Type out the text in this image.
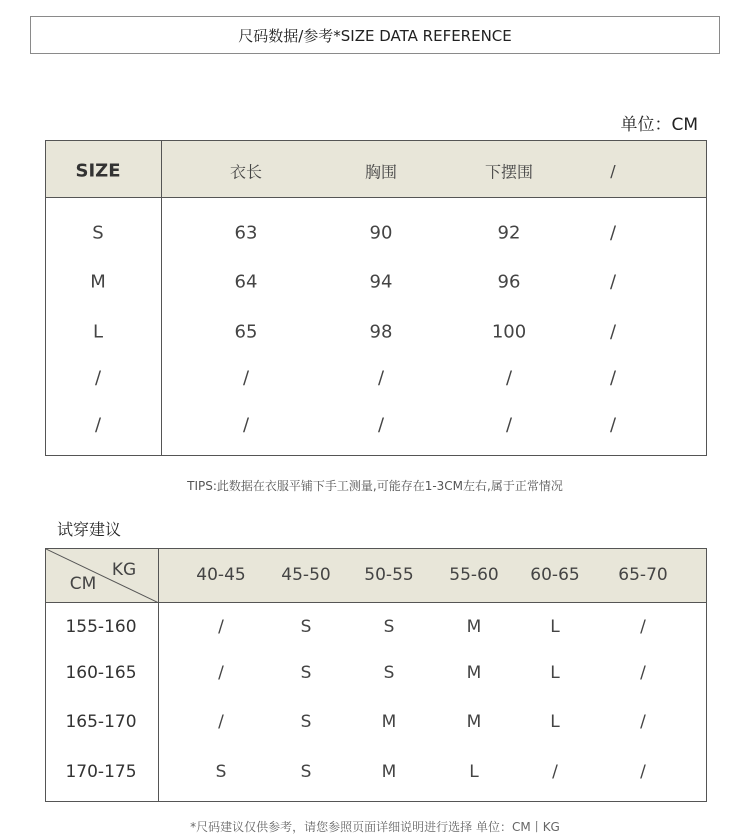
尺码数据/参考*SIZE DATA REFERENCE
单位：CM
SIZE	衣长	胸围	下摆围	/
S	63	90	92	/
M	64	94	96	/
L	65	98	100	/
/	/	/	/	/
/	/	/	/	/
TIPS:此数据在衣服平铺下手工测量,可能存在1-3CM左右,属于正常情况
试穿建议
KG
CM	40-45 45-50 50-55 55-60 60-65 65-70
155-160	/	S	S	M	L	/
160-165	/	S	S	M	L	/
165-170	/	S	M	M	L	/
170-175	S	S	M	L	/	/
*尺码建议仅供参考，请您参照页面详细说明进行选择 单位：CM丨KG
